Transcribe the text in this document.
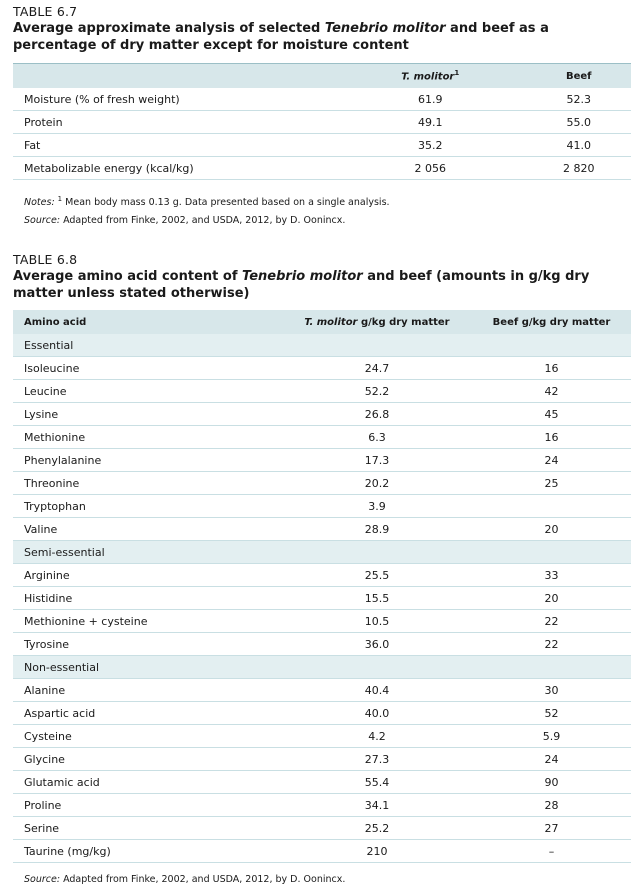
TABLE 6.7

Average approximate analysis of selected Tenebrio molitor and beef as a percentage of dry matter except for moisture content

	T. molitor$^1$	Beef
Moisture (% of fresh weight)	61.9	52.3
Protein	49.1	55.0
Fat	35.2	41.0
Metabolizable energy (kcal/kg)	2 056	2 820
Notes: $^1$ Mean body mass 0.13 g. Data presented based on a single analysis.
Source: Adapted from Finke, 2002, and USDA, 2012, by D. Oonincx.

TABLE 6.8

Average amino acid content of Tenebrio molitor and beef (amounts in g/kg dry matter unless stated otherwise)

Amino acid	T. molitor g/kg dry matter	Beef g/kg dry matter
Essential		
Isoleucine	24.7	16
Leucine	52.2	42
Lysine	26.8	45
Methionine	6.3	16
Phenylalanine	17.3	24
Threonine	20.2	25
Tryptophan	3.9	
Valine	28.9	20
Semi-essential		
Arginine	25.5	33
Histidine	15.5	20
Methionine + cysteine	10.5	22
Tyrosine	36.0	22
Non-essential		
Alanine	40.4	30
Aspartic acid	40.0	52
Cysteine	4.2	5.9
Glycine	27.3	24
Glutamic acid	55.4	90
Proline	34.1	28
Serine	25.2	27
Taurine (mg/kg)	210	–
Source: Adapted from Finke, 2002, and USDA, 2012, by D. Oonincx.
